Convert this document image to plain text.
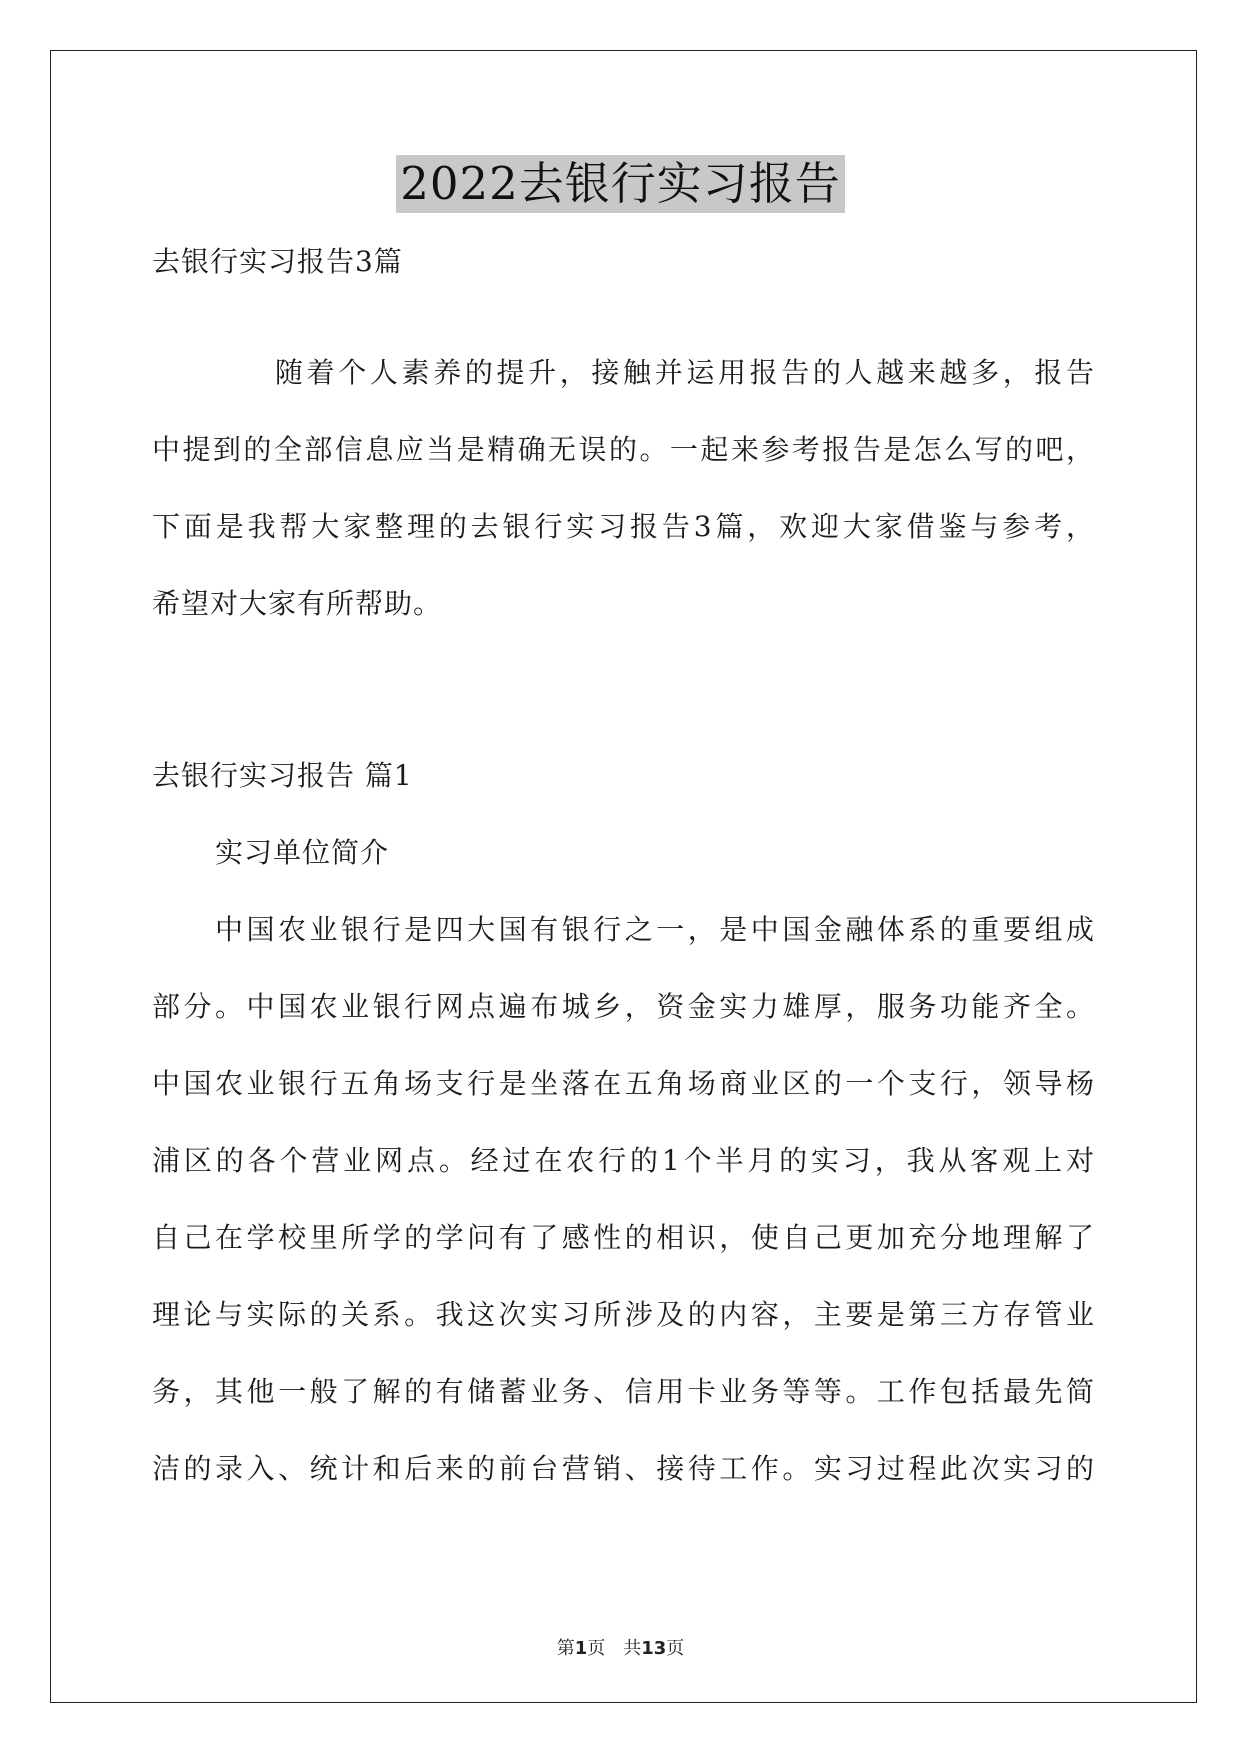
2022去银行实习报告
去银行实习报告3篇
随着个人素养的提升，接触并运用报告的人越来越多，报告
中提到的全部信息应当是精确无误的。一起来参考报告是怎么写的吧，
下面是我帮大家整理的去银行实习报告3篇，欢迎大家借鉴与参考，
希望对大家有所帮助。
去银行实习报告 篇1
实习单位简介
中国农业银行是四大国有银行之一，是中国金融体系的重要组成
部分。中国农业银行网点遍布城乡，资金实力雄厚，服务功能齐全。
中国农业银行五角场支行是坐落在五角场商业区的一个支行，领导杨
浦区的各个营业网点。经过在农行的1个半月的实习，我从客观上对
自己在学校里所学的学问有了感性的相识，使自己更加充分地理解了
理论与实际的关系。我这次实习所涉及的内容，主要是第三方存管业
务，其他一般了解的有储蓄业务、信用卡业务等等。工作包括最先简
洁的录入、统计和后来的前台营销、接待工作。实习过程此次实习的
第1页　共13页
